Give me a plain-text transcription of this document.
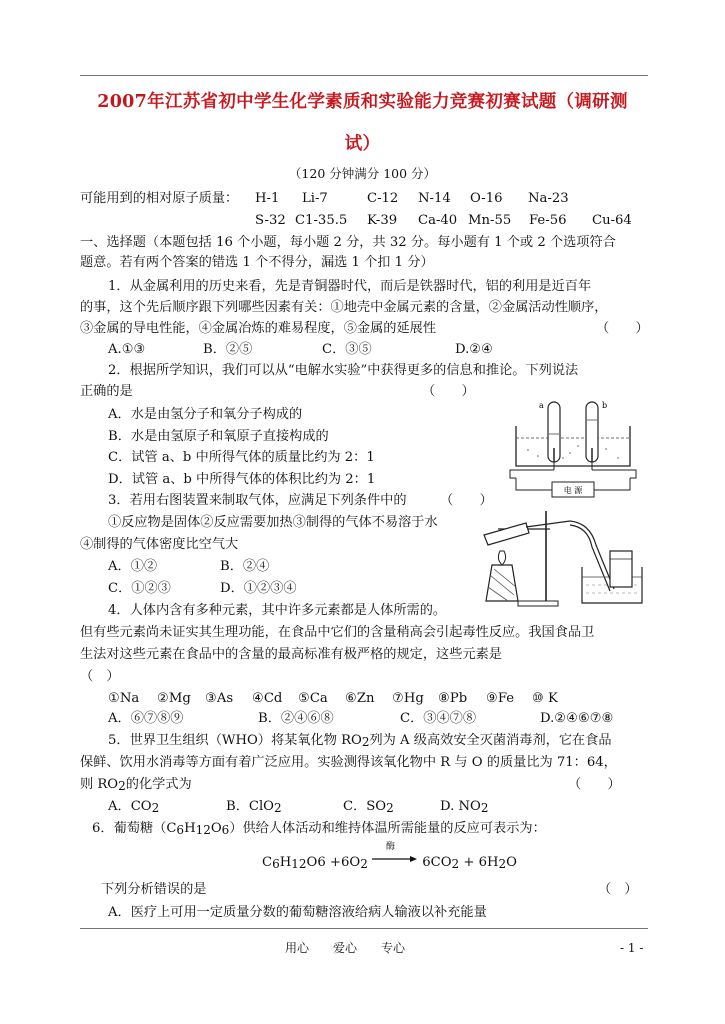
2007年江苏省初中学生化学素质和实验能力竞赛初赛试题（调研测
试）
（120 分钟满分 100 分）
可能用到的相对原子质量： H-1 Li-7	C-12 N-14 O-16 Na-23
S-32 C1-35.5 K-39 Ca-40 Mn-55 Fe-56 Cu-64
一、选择题（本题包括 16 个小题，每小题 2 分，共 32 分。每小题有 1 个或 2 个选项符合
题意。若有两个答案的错选 1 个不得分，漏选 1 个扣 1 分）
1．从金属利用的历史来看，先是青铜器时代，而后是铁器时代，铝的利用是近百年
的事，这个先后顺序跟下列哪些因素有关：①地壳中金属元素的含量，②金属活动性顺序，
③金属的导电性能，④金属冶炼的难易程度，⑤金属的延展性	（　　）
A.①③	B．②⑤	C．③⑤	D.②④
2．根据所学知识，我们可以从“电解水实验”中获得更多的信息和推论。下列说法
正确的是	（　　）
A．水是由氢分子和氧分子构成的
B．水是由氢原子和氧原子直接构成的
C．试管 a、b 中所得气体的质量比约为 2：1
D．试管 a、b 中所得气体的体积比约为 2：1
a	b
电 源
3．若用右图装置来制取气体，应满足下列条件中的	（　　）
①反应物是固体②反应需要加热③制得的气体不易溶于水
④制得的气体密度比空气大
A．①②	B．②④
C．①②③	D．①②③④
4．人体内含有多种元素，其中许多元素都是人体所需的。
但有些元素尚未证实其生理功能，在食品中它们的含量稍高会引起毒性反应。我国食品卫
生法对这些元素在食品中的含量的最高标准有极严格的规定，这些元素是
（　）
①Na ②Mg ③As ④Cd ⑤Ca ⑥Zn ⑦Hg ⑧Pb ⑨Fe ⑩ K
A．⑥⑦⑧⑨	B．②④⑥⑧	C．③④⑦⑧	D.②④⑥⑦⑧
5．世界卫生组织（WHO）将某氧化物 RO2列为 A 级高效安全灭菌消毒剂，它在食品
保鲜、饮用水消毒等方面有着广泛应用。实验测得该氧化物中 R 与 O 的质量比为 71：64，
则 RO2的化学式为	（　　）
A．CO2	B．ClO2	C．SO2	D. NO2
6．葡萄糖（C6H12O6）供给人体活动和维持体温所需能量的反应可表示为：
C6H12O6 +6O2
酶
6CO2 + 6H2O
下列分析错误的是	（　）
A．医疗上可用一定质量分数的葡萄糖溶液给病人输液以补充能量
用心　　爱心　　专心	- 1 -
